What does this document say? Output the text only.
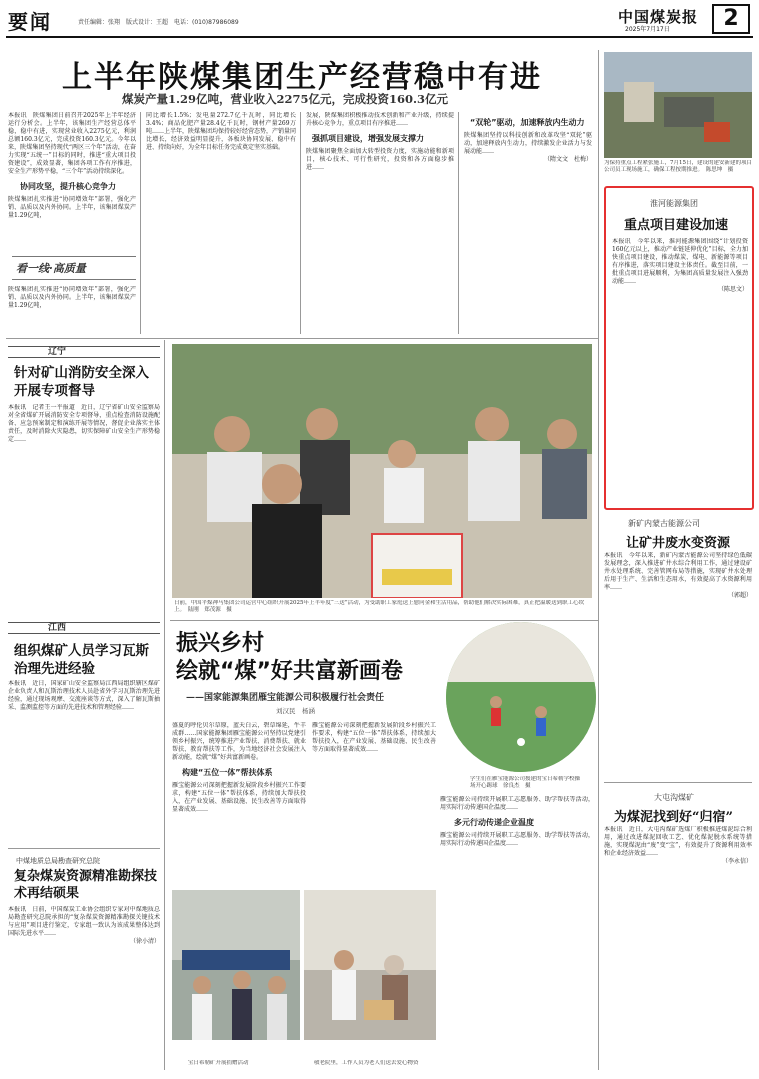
要闻	责任编辑：张翔　版式设计：王超　电话：(010)87986089	中国煤炭报
2025年7月17日	2
上半年陕煤集团生产经营稳中有进
煤炭产量1.29亿吨，营业收入2275亿元，完成投资160.3亿元
本报讯　陕煤集团日前召开2025年上半年经济运行分析会。上半年，该集团生产经营总体平稳，稳中有进，实现营业收入2275亿元，利润总额160.3亿元，完成投资160.3亿元。今年以来，陕煤集团坚持现代“两区三个年”活动，在奋力实现“五统一”目标的同时，推进“重大项目投资建设”，成效显著，集团各项工作有序推进，安全生产形势平稳，“三个年”活动持续深化。
协同攻坚，提升核心竞争力
陕煤集团扎实推进“协同增效年”部署，强化产销、品质以及内外协同。上半年，该集团煤炭产量1.29亿吨，
看一线·高质量
陕煤集团扎实推进“协同增效年”部署，强化产销、品质以及内外协同。上半年，该集团煤炭产量1.29亿吨，
同比增长1.5%；发电量272.7亿千瓦时，同比增长3.4%；商品化肥产量28.4亿千瓦时，钢材产量269万吨……上半年，陕煤集团均保持较好经营态势，产销量同比增长，经济效益明显提升，各板块协同发展、稳中有进、持续向好，为全年目标任务完成奠定坚实基础。
发展，陕煤集团积极推动技术创新和产业升级，持续提升核心竞争力，重点项目有序推进……
强抓项目建设，增强发展支撑力
陕煤集团聚焦全面加大转型投资力度，实施动能和新项目，核心技术、可行性研究，投资和各方面稳步推进……
“双轮”驱动，加速释放内生动力
陕煤集团坚持以科技创新和改革攻坚“双轮”驱动，加速释放内生动力，持续激发企业活力与发展动能……
（隋文文　杜梅） 为保持重点工程紧张施工，7月15日，建设的建安新建的项目公司员工现场施工，确保工程按期推进。　陈思坤　摄
淮河能源集团
重点项目建设加速
本报讯　今年以来，淮河能源集团围绕“计划投资160亿元以上，推动产业链延伸优化”目标，全力加快重点项目建设，推动煤炭、煤电、新能源等项目有序推进，落实项目建设主体责任。截至目前，一批重点项目进展顺利，为集团高质量发展注入强劲动能……
（陈思文）
新矿内蒙古能源公司
让矿井废水变资源
本报讯　今年以来，新矿内蒙古能源公司坚持绿色低碳发展理念，深入推进矿井水综合利用工作，通过建设矿井水处理系统、完善管网布局等措施，实现矿井水处理后用于生产、生活和生态用水，有效提高了水资源利用率……
（郭超）
大屯沟煤矿
为煤泥找到好“归宿”
本报讯　近日，大屯沟煤矿选煤厂积极推进煤泥综合利用，通过改进煤泥回收工艺、优化煤泥脱水系统等措施，实现煤泥由“废”变“宝”，有效提升了资源利用效率和企业经济效益……
（李永信）
辽宁
针对矿山消防安全深入开展专项督导
本报讯　记者王一平报道　近日，辽宁省矿山安全监察局对全省煤矿开展消防安全专项督导，重点检查消防设施配备、应急预案制定和演练开展等情况，督促企业落实主体责任，及时消除火灾隐患，切实保障矿山安全生产形势稳定……
江西
组织煤矿人员学习瓦斯治理先进经验
本报讯　近日，国家矿山安全监察局江西局组织辖区煤矿企业负责人和瓦斯治理技术人员赴省外学习瓦斯治理先进经验，通过现场观摩、交流座谈等方式，深入了解瓦斯抽采、监测监控等方面的先进技术和管理经验……
中煤地质总局勘查研究总院
复杂煤炭资源精准勘探技术再结硕果
本报讯　日前，中国煤炭工业协会组织专家对中煤地质总局勘查研究总院承担的“复杂煤炭资源精准勘探关键技术与应用”项目进行鉴定，专家组一致认为该成果整体达到国际先进水平……
（徐小清）
日前，中国平煤神马集团公司运营中心组织开展2025年上半年度“三送”活动，为受助职工家庭送上慰问金和生活用品，帮助他们解决实际困难，真正把温暖送到职工心坎上。　陆刚　郑茂源　摄
振兴乡村
绘就“煤”好共富新画卷
——国家能源集团雁宝能源公司积极履行社会责任
刘汉民　杨涵
学生们在雁宝能源公司援建的宝日希勒学校操场开心踢球　徐良杰　摄
盛夏的呼伦贝尔草原，蓝天白云，碧草绵延，牛羊成群……国家能源集团雁宝能源公司坚持以党建引领乡村振兴，统筹推进产业帮扶、消费帮扶、就业帮扶、教育帮扶等工作，为当地经济社会发展注入新动能，绘就“煤”好共富新画卷。
构建“五位一体”帮扶体系
雁宝能源公司深刻把握新发展阶段乡村振兴工作要求，构建“五位一体”帮扶体系，持续加大帮扶投入，在产业发展、基础设施、民生改善等方面取得显著成效……
雁宝能源公司深刻把握新发展阶段乡村振兴工作要求，构建“五位一体”帮扶体系，持续加大帮扶投入，在产业发展、基础设施、民生改善等方面取得显著成效……
雁宝能源公司持续开展职工志愿服务、助学帮扶等活动，用实际行动传递国企温度……
多元行动传递企业温度
雁宝能源公司持续开展职工志愿服务、助学帮扶等活动，用实际行动传递国企温度……
宝日希勒矿开展捐赠活动	敬老院里，工作人员为老人们送去爱心物资
